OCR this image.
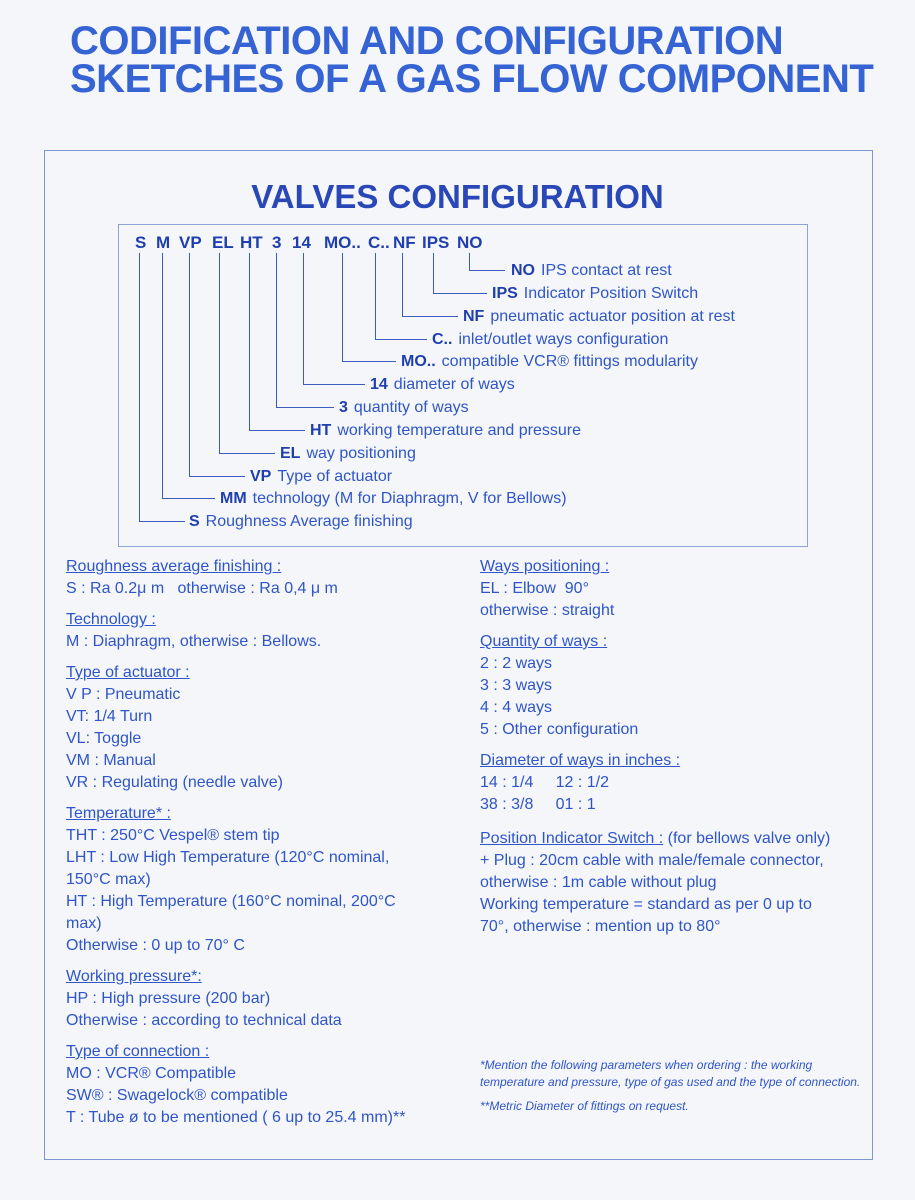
CODIFICATION AND CONFIGURATION
SKETCHES OF A GAS FLOW COMPONENT
VALVES CONFIGURATION
S M VP EL HT 3 14 MO.. C.. NF IPS NO
NO IPS contact at rest
IPS Indicator Position Switch
NF pneumatic actuator position at rest
C.. inlet/outlet ways configuration
MO.. compatible VCR® fittings modularity
14 diameter of ways
3 quantity of ways
HT working temperature and pressure
EL way positioning
VP Type of actuator
MM technology (M for Diaphragm, V for Bellows)
S Roughness Average finishing
Roughness average finishing :
S : Ra 0.2μ m   otherwise : Ra 0,4 μ m
Technology :
M : Diaphragm, otherwise : Bellows.
Type of actuator :
V P : Pneumatic
VT: 1/4 Turn
VL: Toggle
VM : Manual
VR : Regulating (needle valve)
Temperature* :
THT : 250°C Vespel® stem tip
LHT : Low High Temperature (120°C nominal,
150°C max)
HT : High Temperature (160°C nominal, 200°C
max)
Otherwise : 0 up to 70° C
Working pressure*:
HP : High pressure (200 bar)
Otherwise : according to technical data
Type of connection :
MO : VCR® Compatible
SW® : Swagelock® compatible
T : Tube ø to be mentioned ( 6 up to 25.4 mm)**
Ways positioning :
EL : Elbow  90°
otherwise : straight
Quantity of ways :
2 : 2 ways
3 : 3 ways
4 : 4 ways
5 : Other configuration
Diameter of ways in inches :
14 : 1/4     12 : 1/2
38 : 3/8     01 : 1
Position Indicator Switch : (for bellows valve only)
+ Plug : 20cm cable with male/female connector,
otherwise : 1m cable without plug
Working temperature = standard as per 0 up to
70°, otherwise : mention up to 80°

*Mention the following parameters when ordering : the working temperature and pressure, type of gas used and the type of connection.

**Metric Diameter of fittings on request.
